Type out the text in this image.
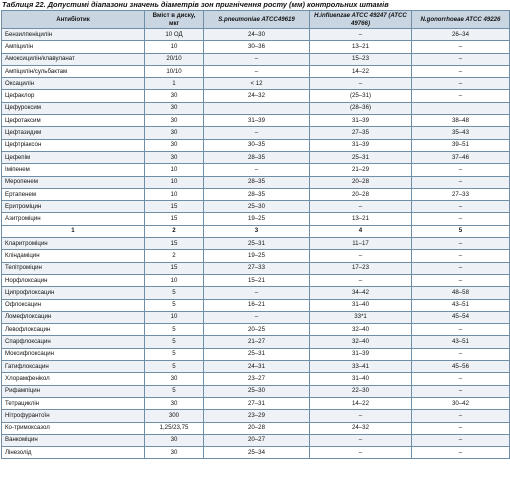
Таблиця 22. Допустимі діапазони значень діаметрів зон пригнічення росту (мм) контрольних штамів
Антибіотик	Вміст в диску, мкг	S.pneumoniae ATCC49619	H.influenzae ATCC 49247 (ATCC 49766)	N.gonorrhoeae ATCC 49226
Бензилпеніцилін	10 ОД	24–30	–	26–34
Ампіцилін	10	30–36	13–21	–
Амоксицилін/клавуланат	20/10	–	15–23	–
Ампіцилін/сульбактам	10/10	–	14–22	–
Оксацилін	1	< 12	–	–
Цефаклор	30	24–32	(25–31)	–
Цефуроксим	30		(28–36)	
Цефотаксим	30	31–39	31–39	38–48
Цефтазидим	30	–	27–35	35–43
Цефтріаксон	30	30–35	31–39	39–51
Цефепім	30	28–35	25–31	37–46
Іміпенем	10	–	21–29	–
Меропенем	10	28–35	20–28	–
Ертапенем	10	28–35	20–28	27–33
Еритроміцин	15	25–30	–	–
Азитроміцин	15	19–25	13–21	–
1	2	3	4	5
Кларитроміцин	15	25–31	11–17	–
Кліндаміцин	2	19–25	–	–
Телітроміцин	15	27–33	17–23	–
Норфлоксацин	10	15–21	–	–
Ципрофлоксацин	5	–	34–42	48–58
Офлоксацин	5	16–21	31–40	43–51
Ломефлоксацин	10	–	33*1	45–54
Левофлоксацин	5	20–25	32–40	–
Спарфлоксацин	5	21–27	32–40	43–51
Моксифлоксацин	5	25–31	31–39	–
Гатифлоксацин	5	24–31	33–41	45–56
Хлорамфенікол	30	23–27	31–40	–
Рифампіцин	5	25–30	22–30	–
Тетрациклін	30	27–31	14–22	30–42
Нітрофурантоїн	300	23–29	–	–
Ко-тримоксазол	1,25/23,75	20–28	24–32	–
Ванкоміцин	30	20–27	–	–
Лінезолід	30	25–34	–	–
